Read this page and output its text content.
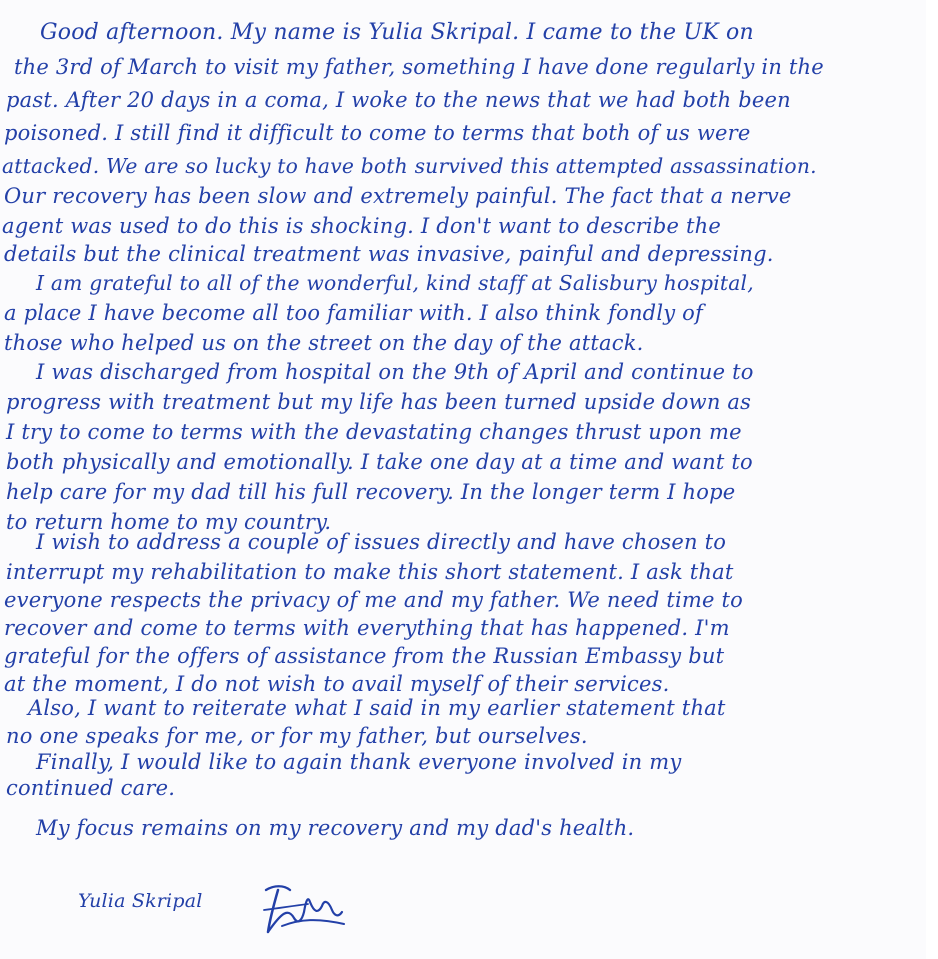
Good afternoon. My name is Yulia Skripal. I came to the UK on
the 3rd of March to visit my father, something I have done regularly in the
past. After 20 days in a coma, I woke to the news that we had both been
poisoned. I still find it difficult to come to terms that both of us were
attacked. We are so lucky to have both survived this attempted assassination.
Our recovery has been slow and extremely painful. The fact that a nerve
agent was used to do this is shocking. I don't want to describe the
details but the clinical treatment was invasive, painful and depressing.
I am grateful to all of the wonderful, kind staff at Salisbury hospital,
a place I have become all too familiar with. I also think fondly of
those who helped us on the street on the day of the attack.
I was discharged from hospital on the 9th of April and continue to
progress with treatment but my life has been turned upside down as
I try to come to terms with the devastating changes thrust upon me
both physically and emotionally. I take one day at a time and want to
help care for my dad till his full recovery. In the longer term I hope
to return home to my country.
I wish to address a couple of issues directly and have chosen to
interrupt my rehabilitation to make this short statement. I ask that
everyone respects the privacy of me and my father. We need time to
recover and come to terms with everything that has happened. I'm
grateful for the offers of assistance from the Russian Embassy but
at the moment, I do not wish to avail myself of their services.
Also, I want to reiterate what I said in my earlier statement that
no one speaks for me, or for my father, but ourselves.
Finally, I would like to again thank everyone involved in my
continued care.
My focus remains on my recovery and my dad's health.
Yulia Skripal
